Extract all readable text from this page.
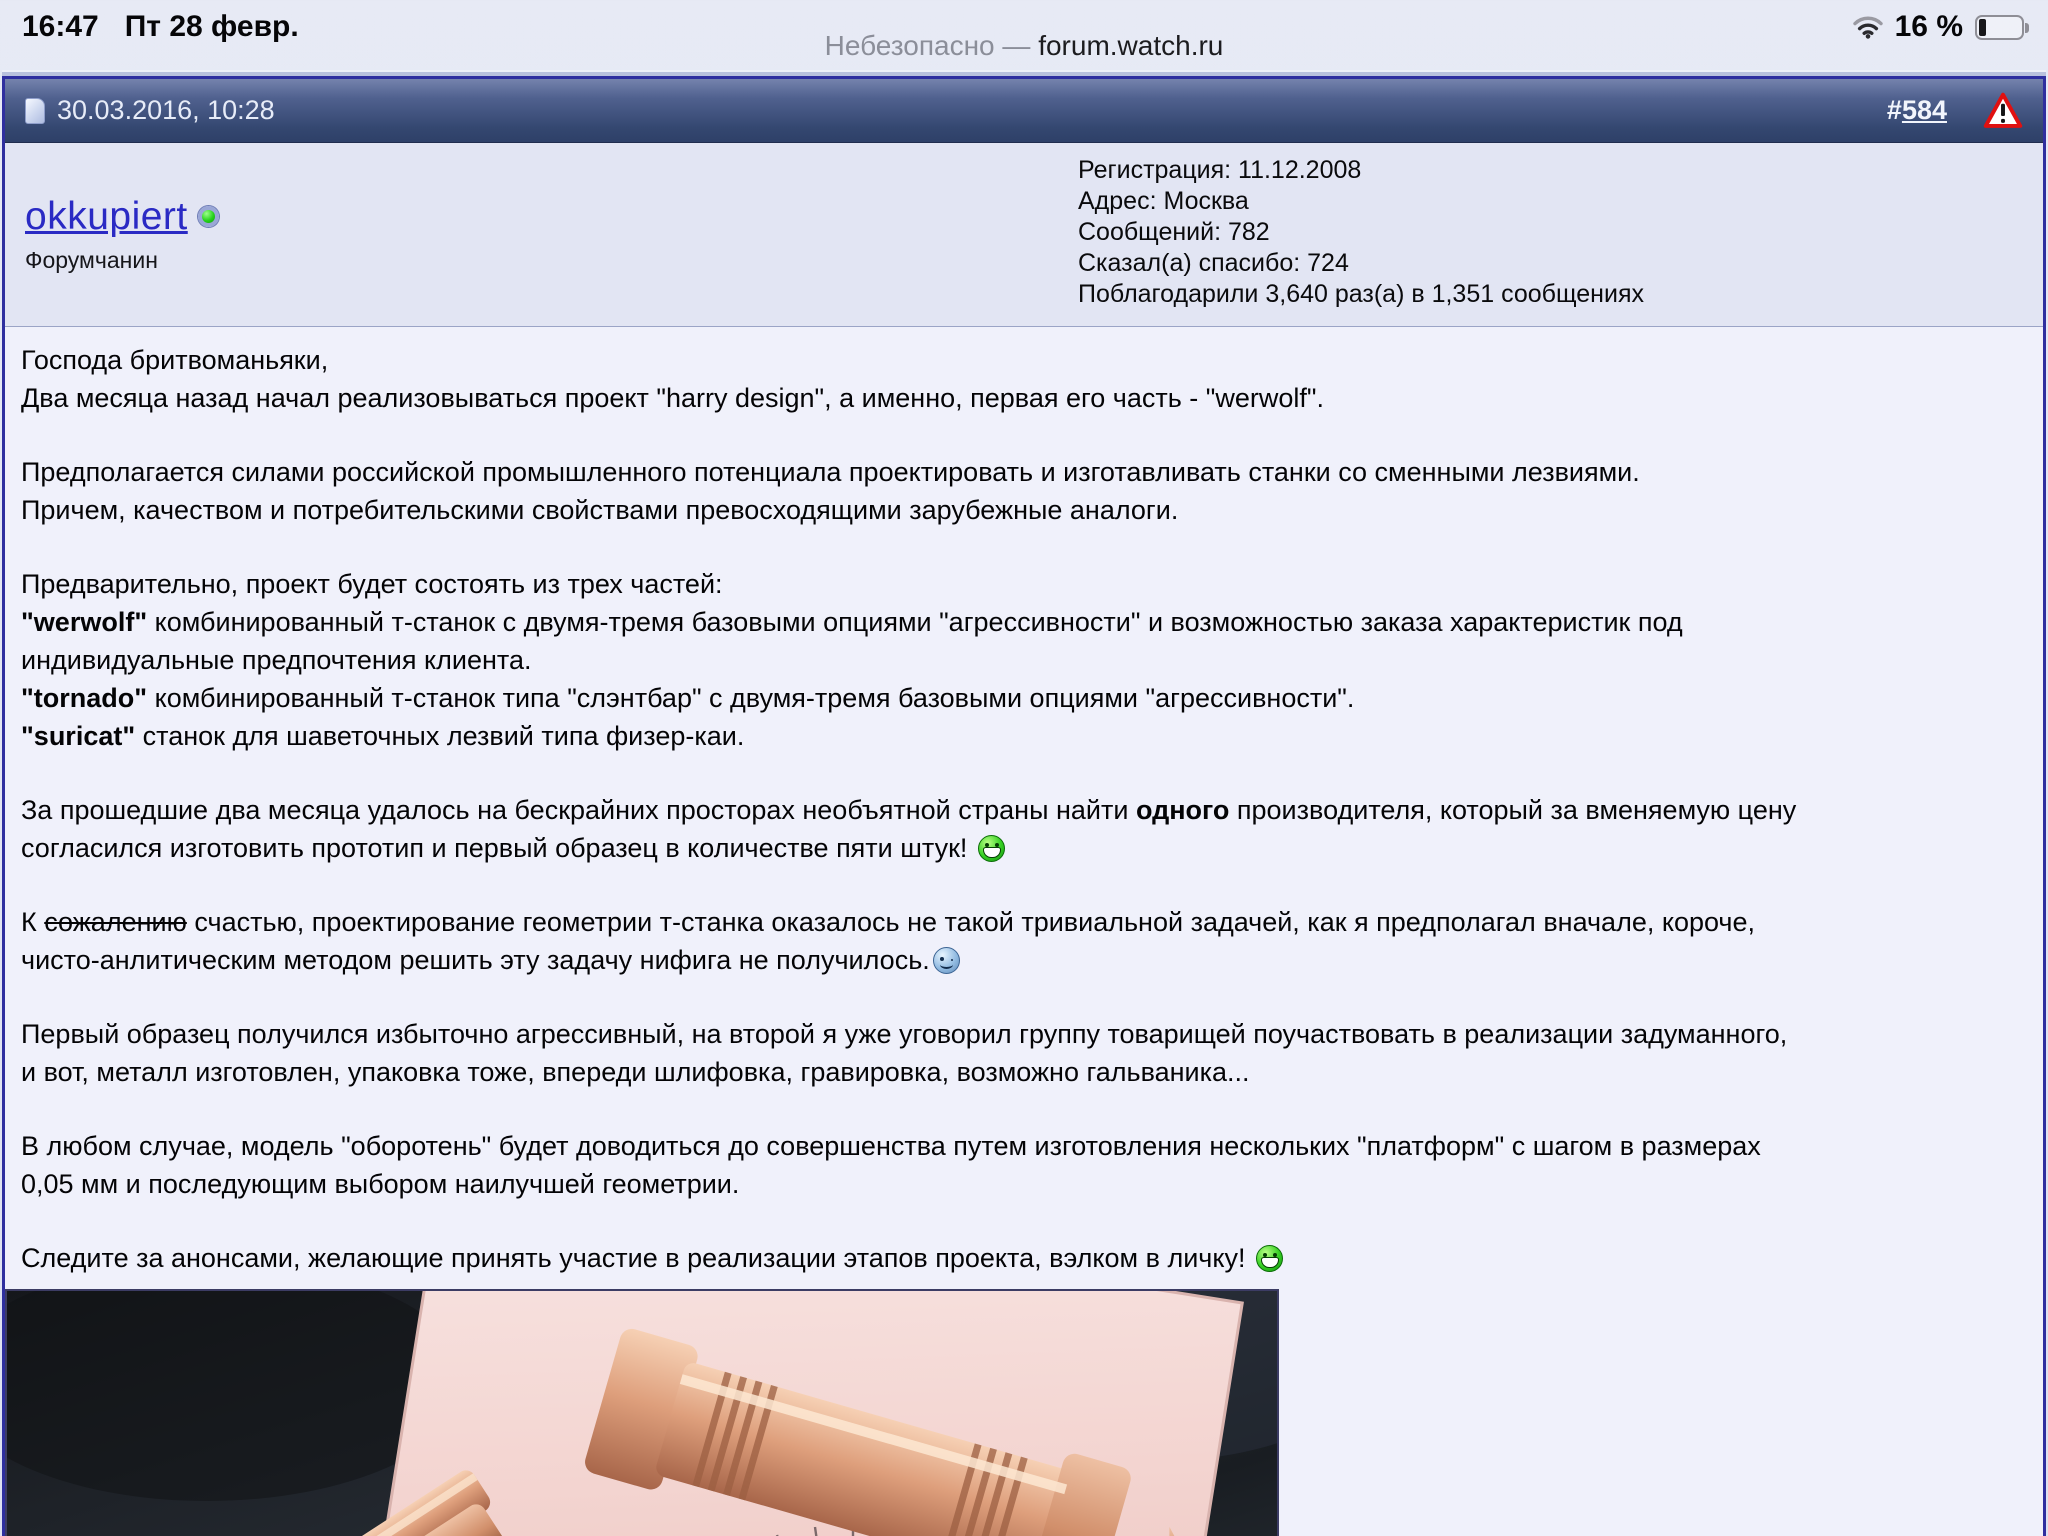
16:47 Пт 28 февр.	16 %
Небезопасно — forum.watch.ru
30.03.2016, 10:28	#584
okkupiert
Форумчанин
Регистрация: 11.12.2008
Адрес: Москва
Сообщений: 782
Сказал(а) спасибо: 724
Поблагодарили 3,640 раз(а) в 1,351 сообщениях
Господа бритвоманьяки,
Два месяца назад начал реализовываться проект "harry design", а именно, первая его часть - "werwolf".
Предполагается силами российской промышленного потенциала проектировать и изготавливать станки со сменными лезвиями.
Причем, качеством и потребительскими свойствами превосходящими зарубежные аналоги.
Предварительно, проект будет состоять из трех частей:
"werwolf" комбинированный т-станок с двумя-тремя базовыми опциями "агрессивности" и возможностью заказа характеристик под
индивидуальные предпочтения клиента.
"tornado" комбинированный т-станок типа "слэнтбар" с двумя-тремя базовыми опциями "агрессивности".
"suricat" станок для шаветочных лезвий типа физер-каи.
За прошедшие два месяца удалось на бескрайних просторах необъятной страны найти одного производителя, который за вменяемую цену
согласился изготовить прототип и первый образец в количестве пяти штук!
К сожалению счастью, проектирование геометрии т-станка оказалось не такой тривиальной задачей, как я предполагал вначале, короче,
чисто-анлитическим методом решить эту задачу нифига не получилось.
Первый образец получился избыточно агрессивный, на второй я уже уговорил группу товарищей поучаствовать в реализации задуманного,
и вот, металл изготовлен, упаковка тоже, впереди шлифовка, гравировка, возможно гальваника...
В любом случае, модель "оборотень" будет доводиться до совершенства путем изготовления нескольких "платформ" с шагом в размерах
0,05 мм и последующим выбором наилучшей геометрии.
Следите за анонсами, желающие принять участие в реализации этапов проекта, вэлком в личку!
